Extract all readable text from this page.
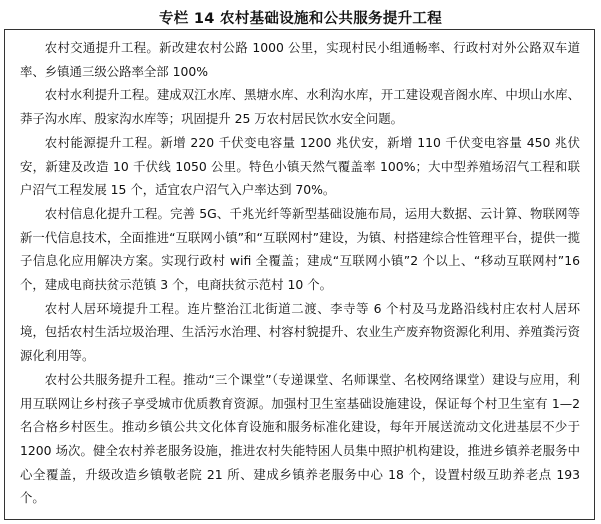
专栏 14 农村基础设施和公共服务提升工程

农村交通提升工程。新改建农村公路 1000 公里，实现村民小组通畅率、行政村对外公路双车道率、乡镇通三级公路率全部 100%

农村水利提升工程。建成双江水库、黑塘水库、水利沟水库，开工建设观音阁水库、中坝山水库、莽子沟水库、殷家沟水库等；巩固提升 25 万农村居民饮水安全问题。

农村能源提升工程。新增 220 千伏变电容量 1200 兆伏安，新增 110 千伏变电容量 450 兆伏安，新建及改造 10 千伏线 1050 公里。特色小镇天然气覆盖率 100%；大中型养殖场沼气工程和联户沼气工程发展 15 个，适宜农户沼气入户率达到 70%。

农村信息化提升工程。完善 5G、千兆光纤等新型基础设施布局，运用大数据、云计算、物联网等新一代信息技术，全面推进“互联网小镇”和“互联网村”建设，为镇、村搭建综合性管理平台，提供一揽子信息化应用解决方案。实现行政村 wifi 全覆盖；建成“互联网小镇”2 个以上、“移动互联网村”16 个，建成电商扶贫示范镇 3 个，电商扶贫示范村 10 个。

农村人居环境提升工程。连片整治江北街道二渡、李寺等 6 个村及马龙路沿线村庄农村人居环境，包括农村生活垃圾治理、生活污水治理、村容村貌提升、农业生产废弃物资源化利用、养殖粪污资源化利用等。

农村公共服务提升工程。推动“三个课堂”（专递课堂、名师课堂、名校网络课堂）建设与应用，利用互联网让乡村孩子享受城市优质教育资源。加强村卫生室基础设施建设，保证每个村卫生室有 1—2 名合格乡村医生。推动乡镇公共文化体育设施和服务标准化建设，每年开展送流动文化进基层不少于 1200 场次。健全农村养老服务设施，推进农村失能特困人员集中照护机构建设，推进乡镇养老服务中心全覆盖，升级改造乡镇敬老院 21 所、建成乡镇养老服务中心 18 个，设置村级互助养老点 193 个。
